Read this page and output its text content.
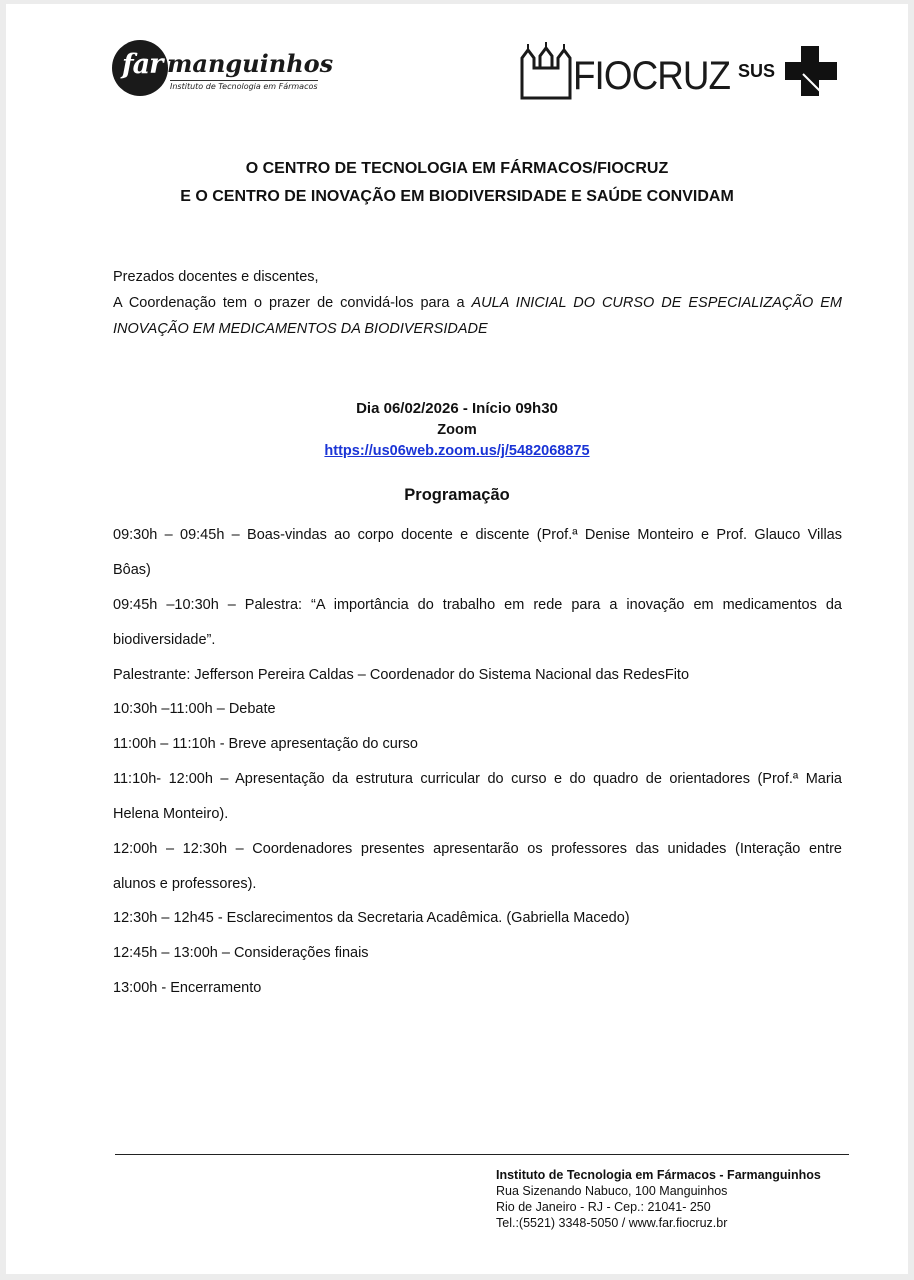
far manguinhos
Instituto de Tecnologia em Fármacos	FIOCRUZ SUS
O CENTRO DE TECNOLOGIA EM FÁRMACOS/FIOCRUZ
E O CENTRO DE INOVAÇÃO EM BIODIVERSIDADE E SAÚDE CONVIDAM
Prezados docentes e discentes,
A Coordenação tem o prazer de convidá-los para a AULA INICIAL DO CURSO DE ESPECIALIZAÇÃO EM
INOVAÇÃO EM MEDICAMENTOS DA BIODIVERSIDADE
Dia 06/02/2026 - Início 09h30
Zoom
https://us06web.zoom.us/j/5482068875
Programação
09:30h – 09:45h – Boas-vindas ao corpo docente e discente (Prof.ª Denise Monteiro e Prof. Glauco Villas
Bôas)
09:45h –10:30h – Palestra: “A importância do trabalho em rede para a inovação em medicamentos da
biodiversidade”.
Palestrante: Jefferson Pereira Caldas – Coordenador do Sistema Nacional das RedesFito
10:30h –11:00h – Debate
11:00h – 11:10h - Breve apresentação do curso
11:10h- 12:00h – Apresentação da estrutura curricular do curso e do quadro de orientadores (Prof.ª Maria
Helena Monteiro).
12:00h – 12:30h – Coordenadores presentes apresentarão os professores das unidades (Interação entre
alunos e professores).
12:30h – 12h45 - Esclarecimentos da Secretaria Acadêmica. (Gabriella Macedo)
12:45h – 13:00h – Considerações finais
13:00h - Encerramento
Instituto de Tecnologia em Fármacos - Farmanguinhos
Rua Sizenando Nabuco, 100 Manguinhos
Rio de Janeiro - RJ - Cep.: 21041- 250
Tel.:(5521) 3348-5050 / www.far.fiocruz.br
